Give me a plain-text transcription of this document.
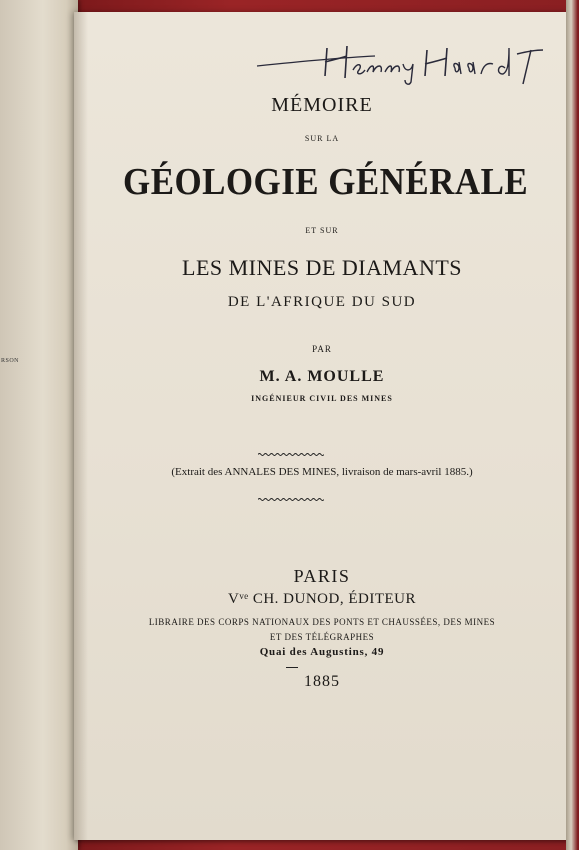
RSON
Henry Haardt
MÉMOIRE
SUR LA
GÉOLOGIE GÉNÉRALE
ET SUR
LES MINES DE DIAMANTS
DE L'AFRIQUE DU SUD
PAR
M. A. MOULLE
INGÉNIEUR CIVIL DES MINES
(Extrait des ANNALES DES MINES, livraison de mars-avril 1885.)
PARIS
Vᵛᵉ CH. DUNOD, ÉDITEUR
LIBRAIRE DES CORPS NATIONAUX DES PONTS ET CHAUSSÉES, DES MINES
ET DES TÉLÉGRAPHES
Quai des Augustins, 49
1885
